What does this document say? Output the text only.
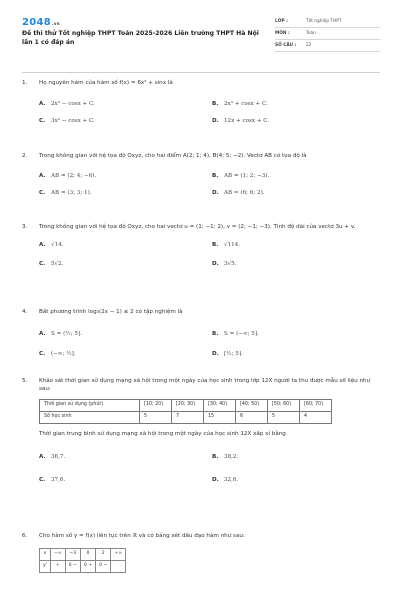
2048.vn
Đề thi thử Tốt nghiệp THPT Toán 2025-2026 Liên trường THPT Hà Nội lần 1 có đáp án
LỚP :	Tốt nghiệp THPT
MÔN :	Toán
SỐ CÂU :	22
1.	Họ nguyên hàm của hàm số f(x) = 6x² + sinx là
A. 2x³ − cosx + C.	B.	2x³ + cosx + C.
C.	3x² − cosx + C.	D. 12x + cosx + C.
2.	Trong không gian với hệ tọa độ Oxyz, cho hai điểm A(2; 1; 4), B(4; 5; −2). Vectơ AB có tọa độ là
A. AB = (2; 4; −6).	B.	AB = (1; 2; −3).
C.	AB = (3; 3; 1).	D. AB = (6; 6; 2).
3.	Trong không gian với hệ tọa độ Oxyz, cho hai vectơ u = (1; −1; 2), v = (2; −1; −3). Tính độ dài của vectơ 3u + v.
A. √14.	B.	√114.
C.	5√2.	D. 3√5.
4.	Bất phương trình log₃(2x − 1) ≤ 2 có tập nghiệm là
A. S = (½; 5].	B.	S = (−∞; 5].
C.	(−∞; ½].	D. [½; 5].
5.	Khảo sát thời gian sử dụng mạng xã hội trong một ngày của học sinh trong lớp 12X người ta thu được mẫu số liệu như sau:
Thời gian sử dụng (phút)	[10; 20)	[20; 30)	[30; 40)	[40; 50)	[50; 60)	[60; 70)
Số học sinh	5	7	15	6	5	4
Thời gian trung bình sử dụng mạng xã hội trong một ngày của học sinh 12X xấp xỉ bằng
A. 36,7.	B.	38,2.
C.	37,6.	D. 32,6.
6.	Cho hàm số y = f(x) liên tục trên ℝ và có bảng xét dấu đạo hàm như sau:
x	−∞	−3	0	2	+∞
y'	+	0 −	0 +	0 −	
